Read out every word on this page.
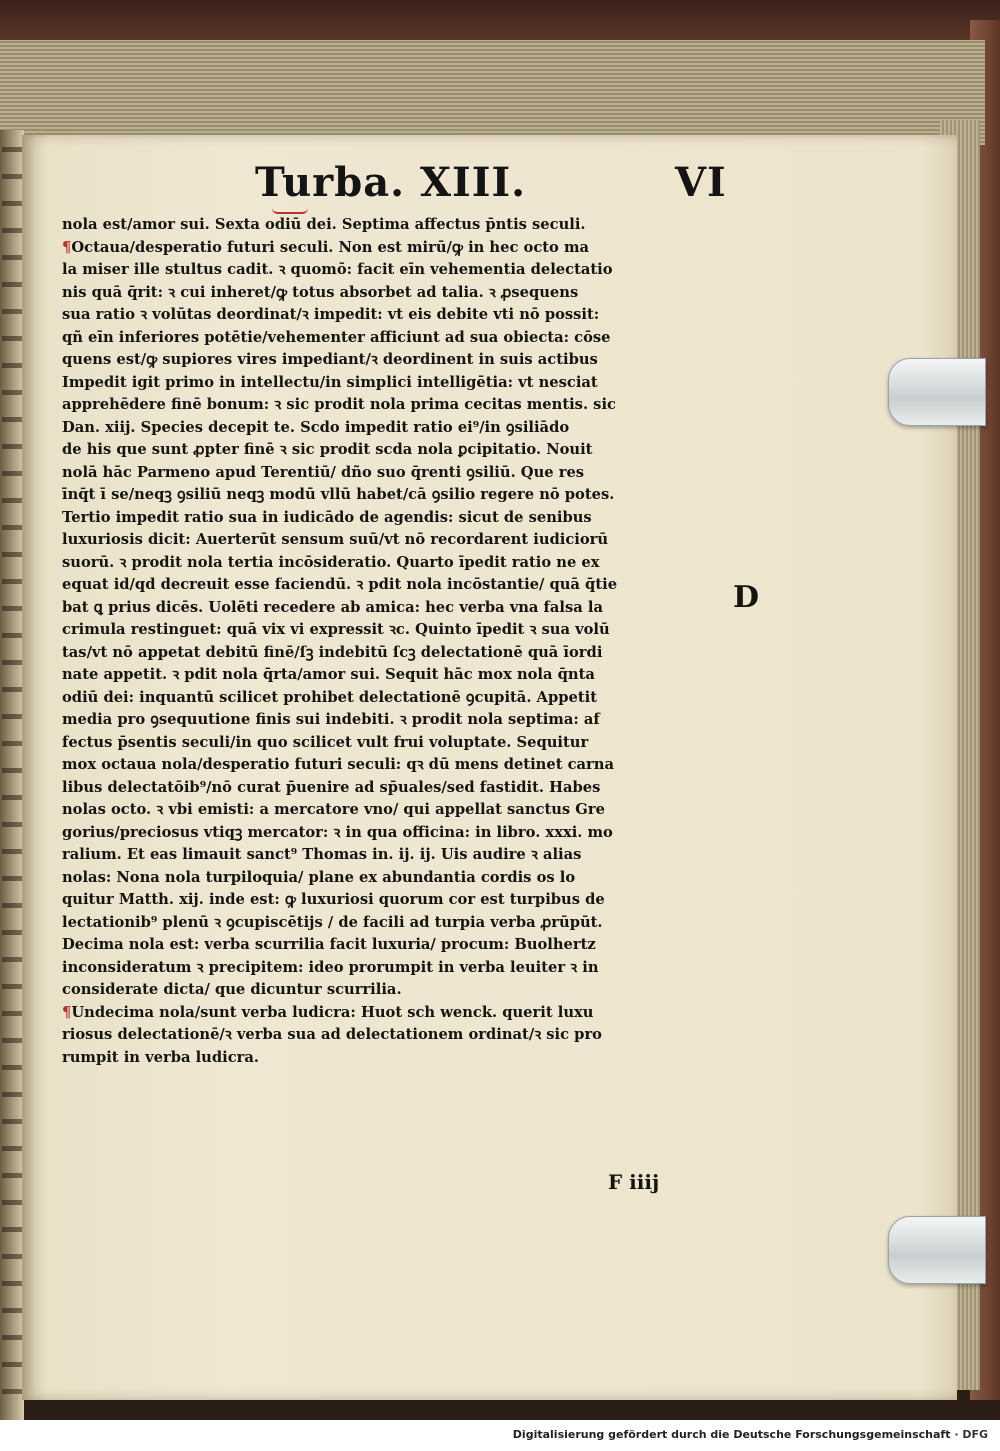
Turba. XIII.	VI
nola est/amor sui. Sexta odiū dei. Septima affectus p̄ntis seculi.
¶Octaua/desperatio futuri seculi. Non est mirū/ꝙ in hec octo ma
la miser ille stultus cadit. ꝛ quomō: facit eīn vehementia delectatio
nis quā q̄rit: ꝛ cui inheret/ꝙ totus absorbet ad talia. ꝛ ꝓsequens
sua ratio ꝛ volūtas deordinat/ꝛ impedit: vt eis debite vti nō possit:
qñ eīn inferiores potētie/vehementer afficiunt ad sua obiecta: cōse
quens est/ꝙ supiores vires impediant/ꝛ deordinent in suis actibus
Impedit igit primo in intellectu/in simplici intelligētia: vt nesciat
apprehēdere finē bonum: ꝛ sic prodit nola prima cecitas mentis. sic
Dan. xiij. Species decepit te. Scdo impedit ratio ei⁹/in ꝯsiliādo
de his que sunt ꝓpter finē ꝛ sic prodit scda nola ꝑcipitatio. Nouit
nolā hāc Parmeno apud Terentiū/ dño suo q̄renti ꝯsiliū. Que res
īnq̄t ī se/neqꝫ ꝯsiliū neqꝫ modū vllū habet/cā ꝯsilio regere nō potes.
Tertio impedit ratio sua in iudicādo de agendis: sicut de senibus
luxuriosis dicit: Auerterūt sensum suū/vt nō recordarent iudiciorū
suorū. ꝛ prodit nola tertia incōsideratio. Quarto īpedit ratio ne ex
equat id/qd decreuit esse faciendū. ꝛ pdit nola incōstantie/ quā q̄tie
bat ꝗ prius dicēs. Uolēti recedere ab amica: hec verba vna falsa la
crimula restinguet: quā vix vi expressit ꝛc. Quinto īpedit ꝛ sua volū
tas/vt nō appetat debitū finē/ſꝫ indebitū ſcꝫ delectationē quā īordi
nate appetit. ꝛ pdit nola q̄rta/amor sui. Sequit hāc mox nola q̄nta
odiū dei: inquantū scilicet prohibet delectationē ꝯcupitā. Appetit
media pro ꝯsequutione finis sui indebiti. ꝛ prodit nola septima: af
fectus p̄sentis seculi/in quo scilicet vult frui voluptate. Sequitur
mox octaua nola/desperatio futuri seculi: qꝛ dū mens detinet carna
libus delectatōib⁹/nō curat p̄uenire ad sp̄uales/sed fastidit. Habes
nolas octo. ꝛ vbi emisti: a mercatore vno/ qui appellat sanctus Gre
gorius/preciosus vtiqꝫ mercator: ꝛ in qua officina: in libro. xxxi. mo
ralium. Et eas limauit sanct⁹ Thomas in. ij. ij. Uis audire ꝛ alias
nolas: Nona nola turpiloquia/ plane ex abundantia cordis os lo
quitur Matth. xij. inde est: ꝙ luxuriosi quorum cor est turpibus de
lectationib⁹ plenū ꝛ ꝯcupiscētijs / de facili ad turpia verba ꝓrūpūt.
Decima nola est: verba scurrilia facit luxuria/ procum: Buolhertz
inconsideratum ꝛ precipitem: ideo prorumpit in verba leuiter ꝛ in
considerate dicta/ que dicuntur scurrilia.
¶Undecima nola/sunt verba ludicra: Huot sch wenck. querit luxu
riosus delectationē/ꝛ verba sua ad delectationem ordinat/ꝛ sic pro
rumpit in verba ludicra.
D
F iiij
Digitalisierung gefördert durch die Deutsche Forschungsgemeinschaft · DFG
